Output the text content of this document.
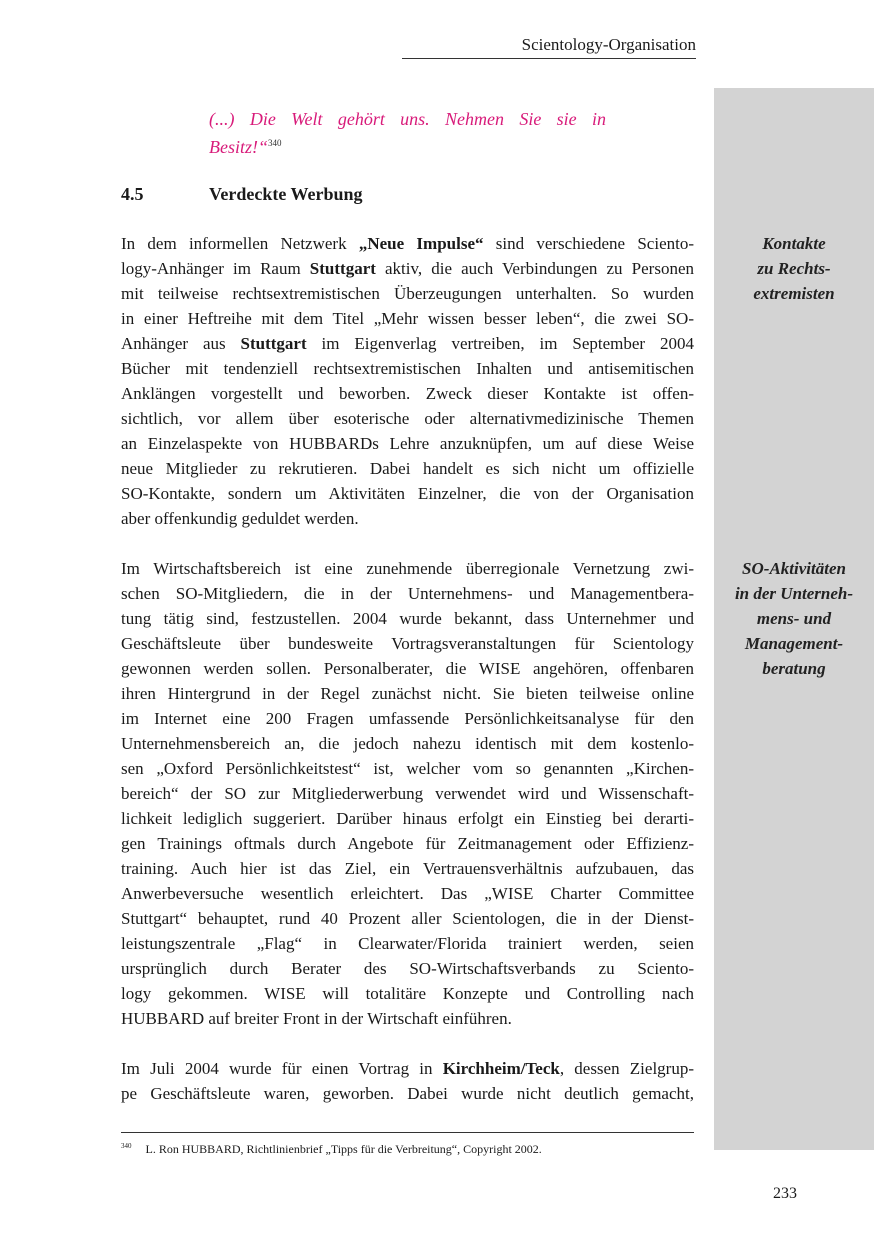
Scientology-Organisation
Kontakte
zu Rechts-
extremisten
SO-Aktivitäten
in der Unterneh-
mens- und
Management-
beratung
(...) Die Welt gehört uns. Nehmen Sie sie in
Besitz!“$^{340}$
4.5	Verdeckte Werbung
In dem informellen Netzwerk „Neue Impulse“ sind verschiedene Sciento-
logy-Anhänger im Raum Stuttgart aktiv, die auch Verbindungen zu Personen
mit teilweise rechtsextremistischen Überzeugungen unterhalten. So wurden
in einer Heftreihe mit dem Titel „Mehr wissen besser leben“, die zwei SO-
Anhänger aus Stuttgart im Eigenverlag vertreiben, im September 2004
Bücher mit tendenziell rechtsextremistischen Inhalten und antisemitischen
Anklängen vorgestellt und beworben. Zweck dieser Kontakte ist offen-
sichtlich, vor allem über esoterische oder alternativmedizinische Themen
an Einzelaspekte von HUBBARDs Lehre anzuknüpfen, um auf diese Weise
neue Mitglieder zu rekrutieren. Dabei handelt es sich nicht um offizielle
SO-Kontakte, sondern um Aktivitäten Einzelner, die von der Organisation
aber offenkundig geduldet werden.
Im Wirtschaftsbereich ist eine zunehmende überregionale Vernetzung zwi-
schen SO-Mitgliedern, die in der Unternehmens- und Managementbera-
tung tätig sind, festzustellen. 2004 wurde bekannt, dass Unternehmer und
Geschäftsleute über bundesweite Vortragsveranstaltungen für Scientology
gewonnen werden sollen. Personalberater, die WISE angehören, offenbaren
ihren Hintergrund in der Regel zunächst nicht. Sie bieten teilweise online
im Internet eine 200 Fragen umfassende Persönlichkeitsanalyse für den
Unternehmensbereich an, die jedoch nahezu identisch mit dem kostenlo-
sen „Oxford Persönlichkeitstest“ ist, welcher vom so genannten „Kirchen-
bereich“ der SO zur Mitgliederwerbung verwendet wird und Wissenschaft-
lichkeit lediglich suggeriert. Darüber hinaus erfolgt ein Einstieg bei derarti-
gen Trainings oftmals durch Angebote für Zeitmanagement oder Effizienz-
training. Auch hier ist das Ziel, ein Vertrauensverhältnis aufzubauen, das
Anwerbeversuche wesentlich erleichtert. Das „WISE Charter Committee
Stuttgart“ behauptet, rund 40 Prozent aller Scientologen, die in der Dienst-
leistungszentrale „Flag“ in Clearwater/Florida trainiert werden, seien
ursprünglich durch Berater des SO-Wirtschaftsverbands zu Sciento-
logy gekommen. WISE will totalitäre Konzepte und Controlling nach
HUBBARD auf breiter Front in der Wirtschaft einführen.
Im Juli 2004 wurde für einen Vortrag in Kirchheim/Teck, dessen Zielgrup-
pe Geschäftsleute waren, geworben. Dabei wurde nicht deutlich gemacht,
$^{340}$ L. Ron HUBBARD, Richtlinienbrief „Tipps für die Verbreitung“, Copyright 2002.
233
